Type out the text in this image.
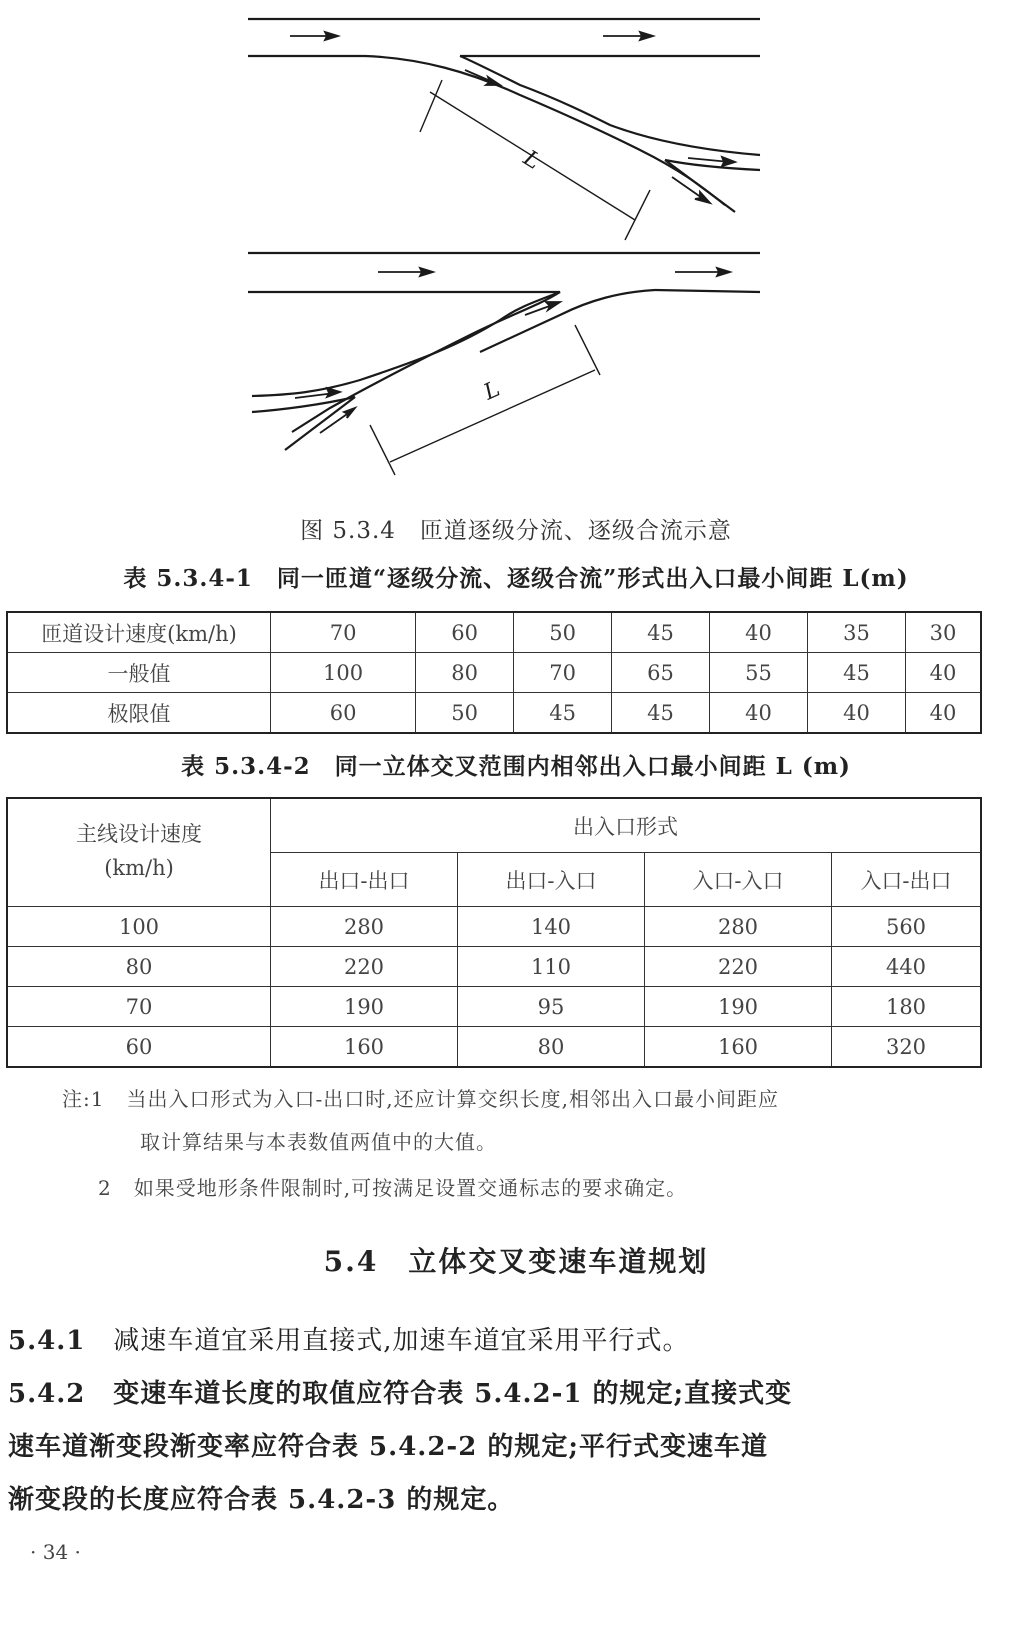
L
L
图 5.3.4　匝道逐级分流、逐级合流示意
表 5.3.4-1　同一匝道“逐级分流、逐级合流”形式出入口最小间距 L(m)
匝道设计速度(km/h)	70	60	50	45	40	35	30
一般值	100	80	70	65	55	45	40
极限值	60	50	45	45	40	40	40
表 5.3.4-2　同一立体交叉范围内相邻出入口最小间距 L (m)
主线设计速度
(km/h)	出入口形式			
	出口-出口	出口-入口	入口-入口	入口-出口
100	280	140	280	560
80	220	110	220	440
70	190	95	190	180
60	160	80	160	320
注:1 当出入口形式为入口-出口时,还应计算交织长度,相邻出入口最小间距应
取计算结果与本表数值两值中的大值。
2 如果受地形条件限制时,可按满足设置交通标志的要求确定。
5.4　立体交叉变速车道规划
5.4.1 减速车道宜采用直接式,加速车道宜采用平行式。
5.4.2 变速车道长度的取值应符合表 5.4.2-1 的规定;直接式变
速车道渐变段渐变率应符合表 5.4.2-2 的规定;平行式变速车道
渐变段的长度应符合表 5.4.2-3 的规定。
· 34 ·
